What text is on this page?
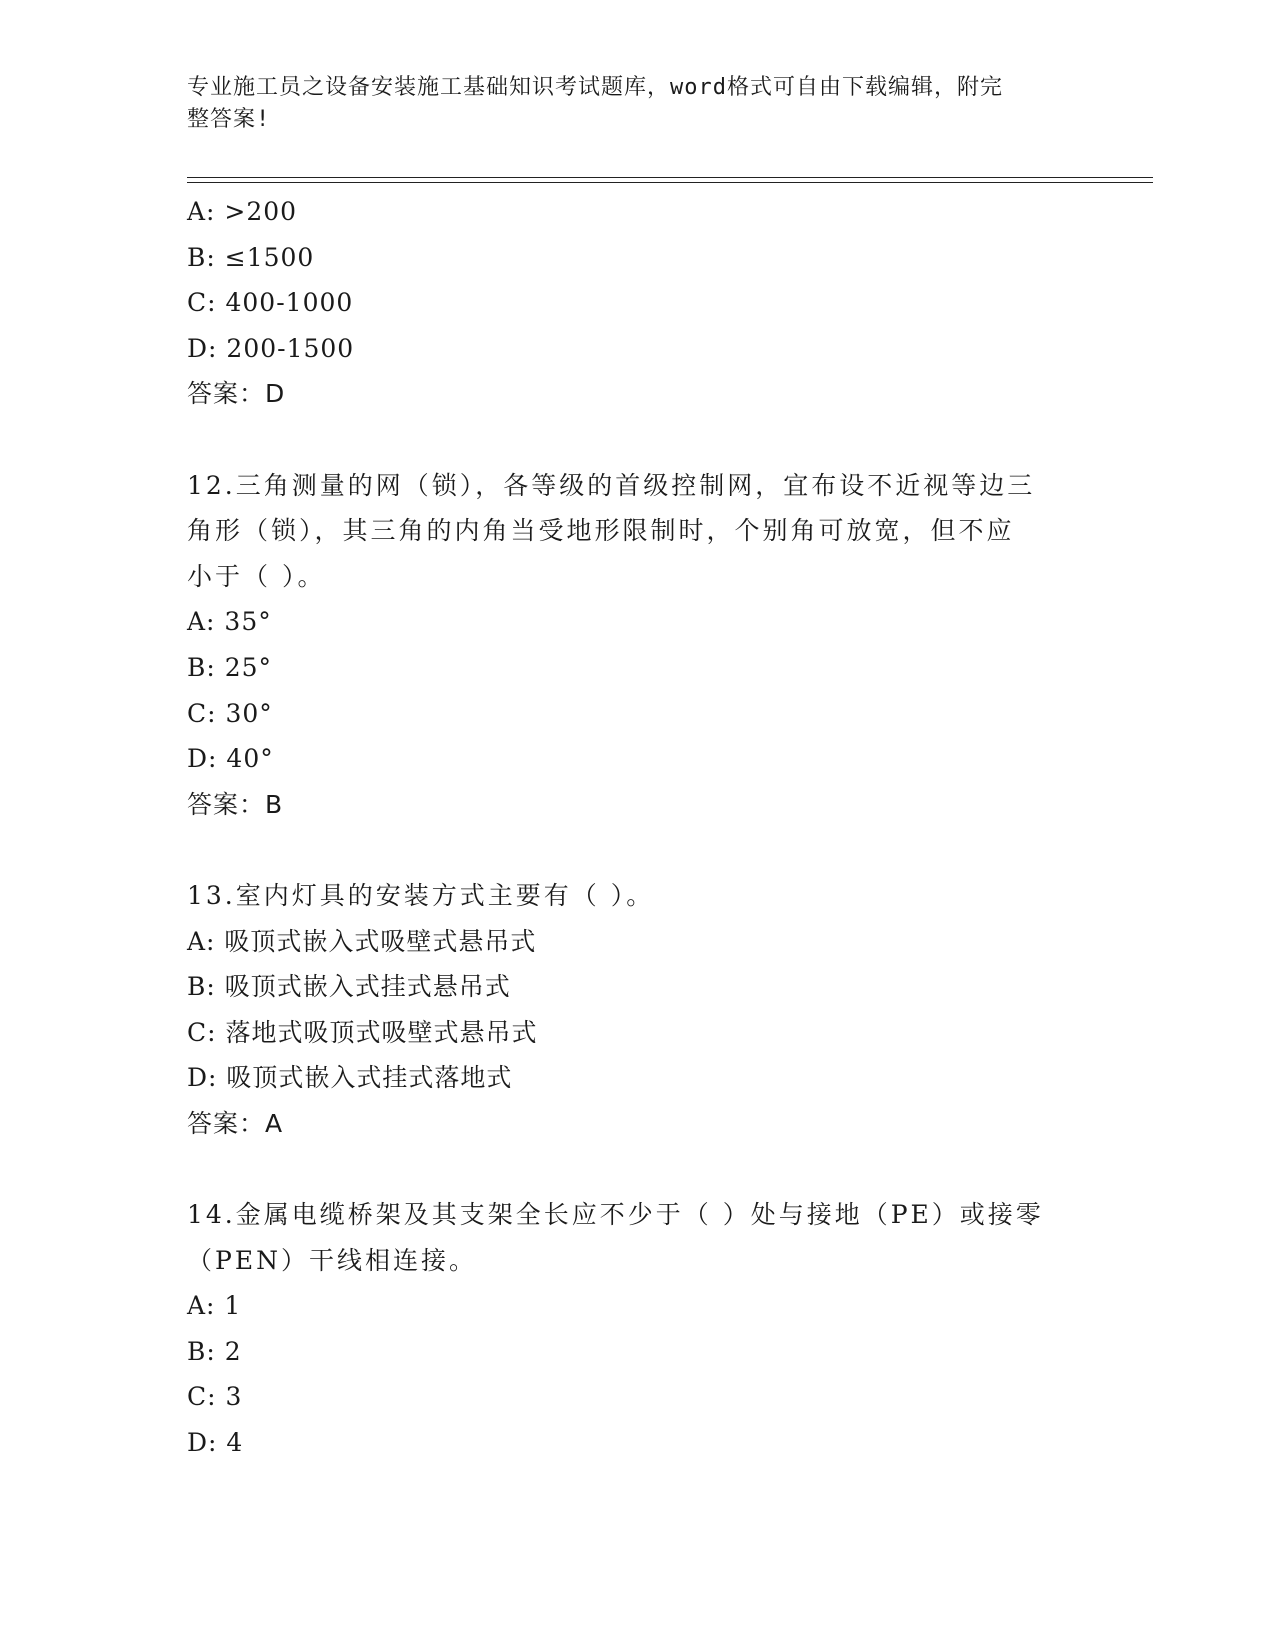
专业施工员之设备安装施工基础知识考试题库，word格式可自由下载编辑，附完
整答案!
A: >200
B: ≤1500
C: 400-1000
D: 200-1500
答案：D
12.三角测量的网（锁），各等级的首级控制网，宜布设不近视等边三
角形（锁），其三角的内角当受地形限制时，个别角可放宽，但不应
小于（ ）。
A: 35°
B: 25°
C: 30°
D: 40°
答案：B
13.室内灯具的安装方式主要有（ ）。
A: 吸顶式嵌入式吸壁式悬吊式
B: 吸顶式嵌入式挂式悬吊式
C: 落地式吸顶式吸壁式悬吊式
D: 吸顶式嵌入式挂式落地式
答案：A
14.金属电缆桥架及其支架全长应不少于（ ）处与接地（PE）或接零
（PEN）干线相连接。
A: 1
B: 2
C: 3
D: 4
